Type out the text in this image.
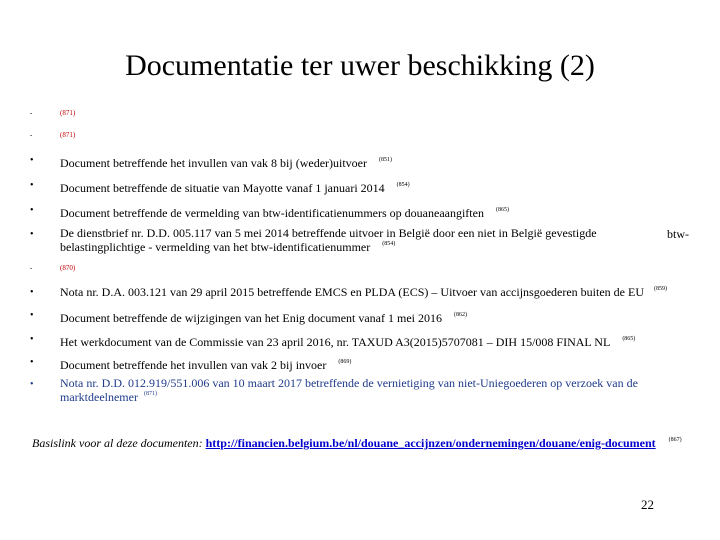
Documentatie ter uwer beschikking (2)
-	(871)
-	(871)
• Document betreffende het invullen van vak 8 bij (weder)uitvoer $^{(851)}$
• Document betreffende de situatie van Mayotte vanaf 1 januari 2014 $^{(854)}$
• Document betreffende de vermelding van btw-identificatienummers op douaneaangiften $^{(865)}$
• De dienstbrief nr. D.D. 005.117 van 5 mei 2014 betreffende uitvoer in België door een niet in België gevestigde
belastingplichtige - vermelding van het btw-identificatienummer $^{(854)}$
btw-
-	(870)
• Nota nr. D.A. 003.121 van 29 april 2015 betreffende EMCS en PLDA (ECS) – Uitvoer van accijnsgoederen buiten de EU (859)
• Document betreffende de wijzigingen van het Enig document vanaf 1 mei 2016 $^{(862)}$
• Het werkdocument van de Commissie van 23 april 2016, nr. TAXUD A3(2015)5707081 – DIH 15/008 FINAL NL $^{(865)}$
• Document betreffende het invullen van vak 2 bij invoer $^{(869)}$
• Nota nr. D.D. 012.919/551.006 van 10 maart 2017 betreffende de vernietiging van niet-Uniegoederen op verzoek van de
marktdeelnemer $^{(871)}$
Basislink voor al deze documenten: http://financien.belgium.be/nl/douane_accijnzen/ondernemingen/douane/enig-document $^{(867)}$
22
